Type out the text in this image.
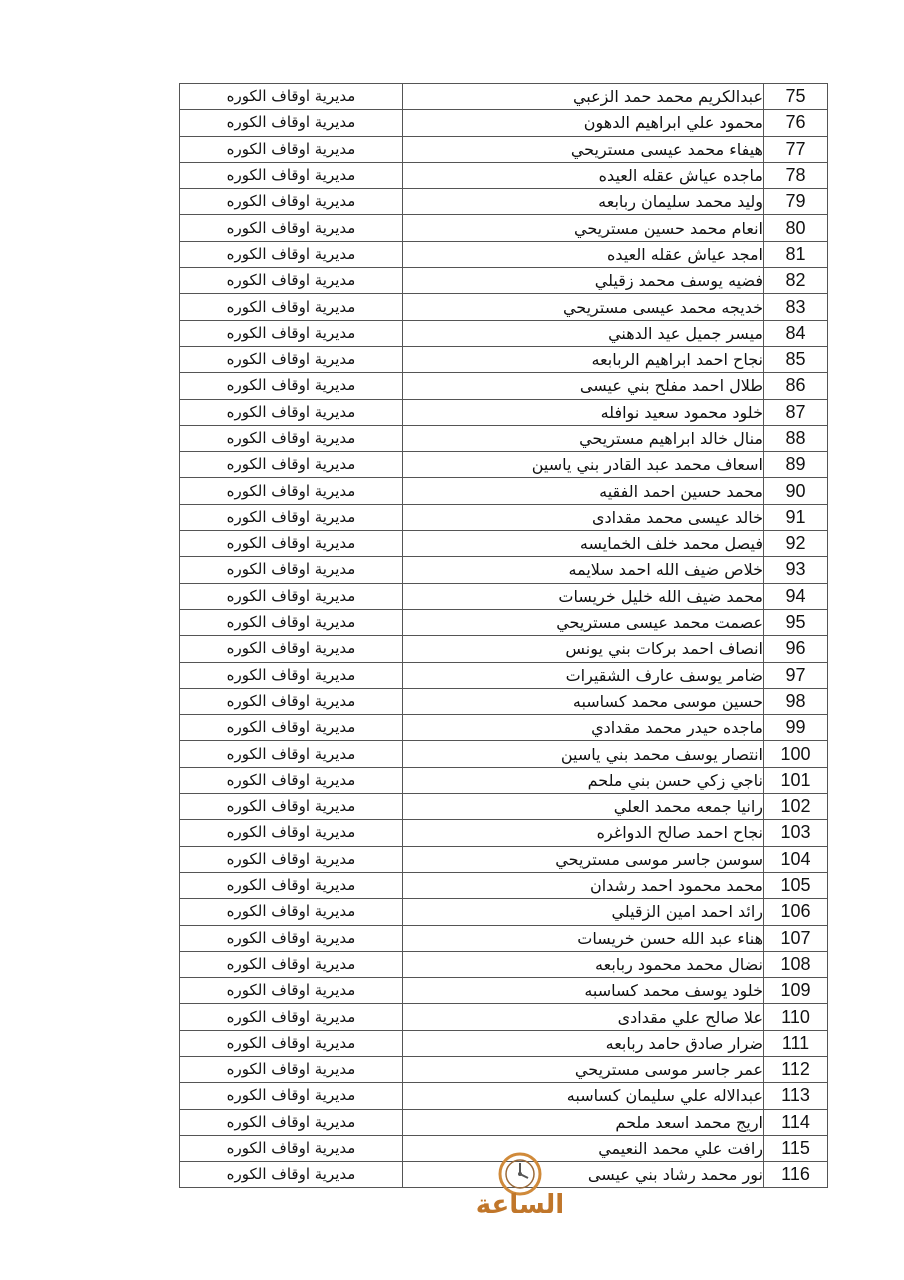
مديرية اوقاف الكوره	عبدالكريم محمد حمد الزعبي	75
مديرية اوقاف الكوره	محمود علي ابراهيم الدهون	76
مديرية اوقاف الكوره	هيفاء محمد عيسى مستريحي	77
مديرية اوقاف الكوره	ماجده عياش عقله العيده	78
مديرية اوقاف الكوره	وليد محمد سليمان ربابعه	79
مديرية اوقاف الكوره	انعام محمد حسين مستريحي	80
مديرية اوقاف الكوره	امجد عياش عقله العيده	81
مديرية اوقاف الكوره	فضيه يوسف محمد زقيلي	82
مديرية اوقاف الكوره	خديجه محمد عيسى مستريحي	83
مديرية اوقاف الكوره	ميسر جميل عيد الدهني	84
مديرية اوقاف الكوره	نجاح احمد ابراهيم الربابعه	85
مديرية اوقاف الكوره	طلال احمد مفلح بني عيسى	86
مديرية اوقاف الكوره	خلود محمود سعيد نوافله	87
مديرية اوقاف الكوره	منال خالد ابراهيم مستريحي	88
مديرية اوقاف الكوره	اسعاف محمد عبد القادر بني ياسين	89
مديرية اوقاف الكوره	محمد حسين احمد الفقيه	90
مديرية اوقاف الكوره	خالد عيسى محمد مقدادى	91
مديرية اوقاف الكوره	فيصل محمد خلف الخمايسه	92
مديرية اوقاف الكوره	خلاص ضيف الله احمد سلايمه	93
مديرية اوقاف الكوره	محمد ضيف الله خليل خريسات	94
مديرية اوقاف الكوره	عصمت محمد عيسى مستريحي	95
مديرية اوقاف الكوره	انصاف احمد بركات بني يونس	96
مديرية اوقاف الكوره	ضامر يوسف عارف الشقيرات	97
مديرية اوقاف الكوره	حسين موسى محمد كساسبه	98
مديرية اوقاف الكوره	ماجده حيدر محمد مقدادي	99
مديرية اوقاف الكوره	انتصار يوسف محمد بني ياسين	100
مديرية اوقاف الكوره	ناجي زكي حسن بني ملحم	101
مديرية اوقاف الكوره	رانيا جمعه محمد العلي	102
مديرية اوقاف الكوره	نجاح احمد صالح الدواغره	103
مديرية اوقاف الكوره	سوسن جاسر موسى مستريحي	104
مديرية اوقاف الكوره	محمد محمود احمد رشدان	105
مديرية اوقاف الكوره	رائد احمد امين الزقيلي	106
مديرية اوقاف الكوره	هناء عبد الله حسن خريسات	107
مديرية اوقاف الكوره	نضال محمد محمود ربابعه	108
مديرية اوقاف الكوره	خلود يوسف محمد كساسبه	109
مديرية اوقاف الكوره	علا صالح علي مقدادى	110
مديرية اوقاف الكوره	ضرار صادق حامد ربابعه	111
مديرية اوقاف الكوره	عمر جاسر موسى مستريحي	112
مديرية اوقاف الكوره	عبدالاله علي سليمان كساسبه	113
مديرية اوقاف الكوره	اريج محمد اسعد ملحم	114
مديرية اوقاف الكوره	رافت علي محمد النعيمي	115
مديرية اوقاف الكوره	نور محمد رشاد بني عيسى	116
الساعة
